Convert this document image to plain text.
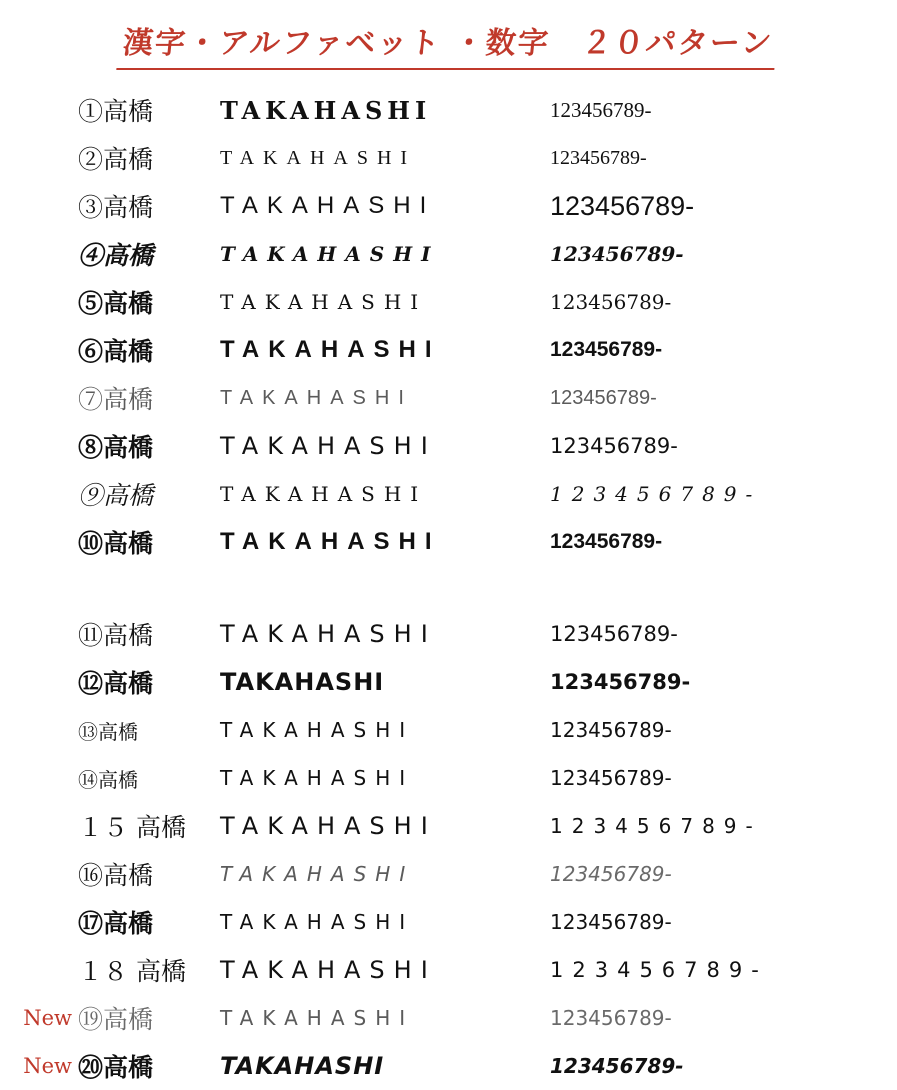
漢字・アルファベット ・数字　２０パターン
①高橋	TAKAHASHI	123456789-
②高橋	TAKAHASHI	123456789-
③高橋	TAKAHASHI	123456789-
④高橋	TAKAHASHI	123456789-
⑤高橋	TAKAHASHI	123456789-
⑥高橋	TAKAHASHI	123456789-
⑦高橋	TAKAHASHI	123456789-
⑧高橋	TAKAHASHI	123456789-
⑨高橋	TAKAHASHI	123456789-
⑩高橋	TAKAHASHI	123456789-
⑪高橋	TAKAHASHI	123456789-
⑫高橋	TAKAHASHI	123456789-
⑬高橋	TAKAHASHI	123456789-
⑭高橋	TAKAHASHI	123456789-
１５ 高橋	TAKAHASHI	123456789-
⑯高橋	TAKAHASHI	123456789-
⑰高橋	TAKAHASHI	123456789-
１８ 高橋	TAKAHASHI	123456789-
New ⑲高橋	TAKAHASHI	123456789-
New ⑳高橋	TAKAHASHI	123456789-
